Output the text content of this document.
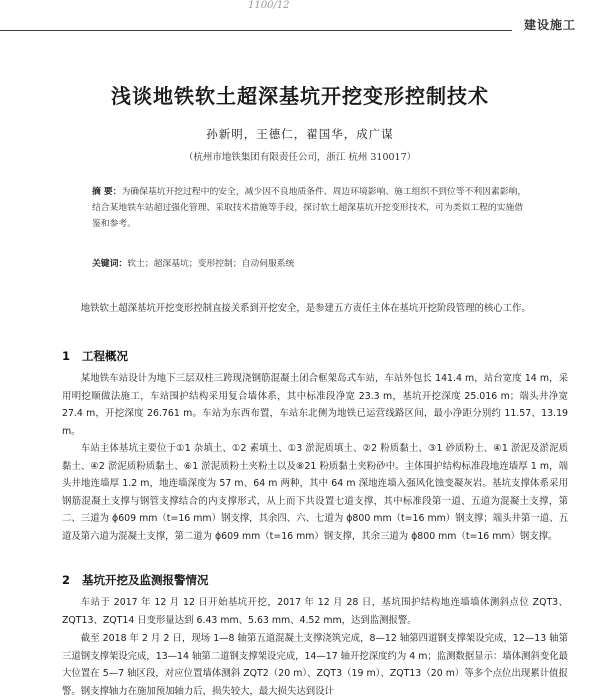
1100/12
建设施工
浅谈地铁软土超深基坑开挖变形控制技术
孙新明，王德仁，翟国华，成广谋
（杭州市地铁集团有限责任公司，浙江 杭州 310017）
摘 要：为确保基坑开挖过程中的安全，减少因不良地质条件、周边环境影响、施工组织不到位等不利因素影响，结合某地铁车站超过强化管理、采取技术措施等手段，探讨软土超深基坑开挖变形技术，可为类似工程的实施借鉴和参考。
关键词：软土；超深基坑；变形控制；自动伺服系统

地铁软土超深基坑开挖变形控制直接关系到开挖安全，是参建五方责任主体在基坑开挖阶段管理的核心工作。

1 工程概况

某地铁车站设计为地下三层双柱三跨现浇钢筋混凝土闭合框架岛式车站，车站外包长 141.4 m，站台宽度 14 m，采用明挖顺做法施工，车站围护结构采用复合墙体系，其中标准段净宽 23.3 m，基坑开挖深度 25.016 m；端头井净宽 27.4 m，开挖深度 26.761 m。车站为东西布置，车站东北侧为地铁已运营线路区间，最小净距分别约 11.57、13.19 m。

车站主体基坑主要位于①1 杂填土、①2 素填土、①3 淤泥质填土、②2 粉质黏土、③1 砂质粉土、④1 淤泥及淤泥质黏土、④2 淤泥质粉质黏土、⑥1 淤泥质粉土夹粉土以及⑧21 粉质黏土夹粉砂中。主体围护结构标准段地连墙厚 1 m，端头井地连墙厚 1.2 m，地连墙深度为 57 m、64 m 两种，其中 64 m 深地连墙入强风化蚀变凝灰岩。基坑支撑体系采用钢筋混凝土支撑与钢管支撑结合的内支撑形式，从上而下共设置七道支撑，其中标准段第一道、五道为混凝土支撑，第二、三道为 ϕ609 mm（t=16 mm）钢支撑，其余四、六、七道为 ϕ800 mm（t=16 mm）钢支撑；端头井第一道、五道及第六道为混凝土支撑，第二道为 ϕ609 mm（t=16 mm）钢支撑，其余三道为 ϕ800 mm（t=16 mm）钢支撑。

2 基坑开挖及监测报警情况

车站于 2017 年 12 月 12 日开始基坑开挖，2017 年 12 月 28 日，基坑围护结构地连墙墙体测斜点位 ZQT3、ZQT13、ZQT14 日变形量达到 6.43 mm、5.63 mm、4.52 mm，达到监测报警。

截至 2018 年 2 月 2 日，现场 1—8 轴第五道混凝土支撑浇筑完成，8—12 轴第四道钢支撑架设完成，12—13 轴第三道钢支撑架设完成，13—14 轴第二道钢支撑架设完成，14—17 轴开挖深度约为 4 m；监测数据显示：墙体测斜变化最大位置在 5—7 轴区段，对应位置墙体测斜 ZQT2（20 m）、ZQT3（19 m）、ZQT13（20 m）等多个点位出现累计值报警。钢支撑轴力在施加预加轴力后，损失较大，最大损失达到设计
